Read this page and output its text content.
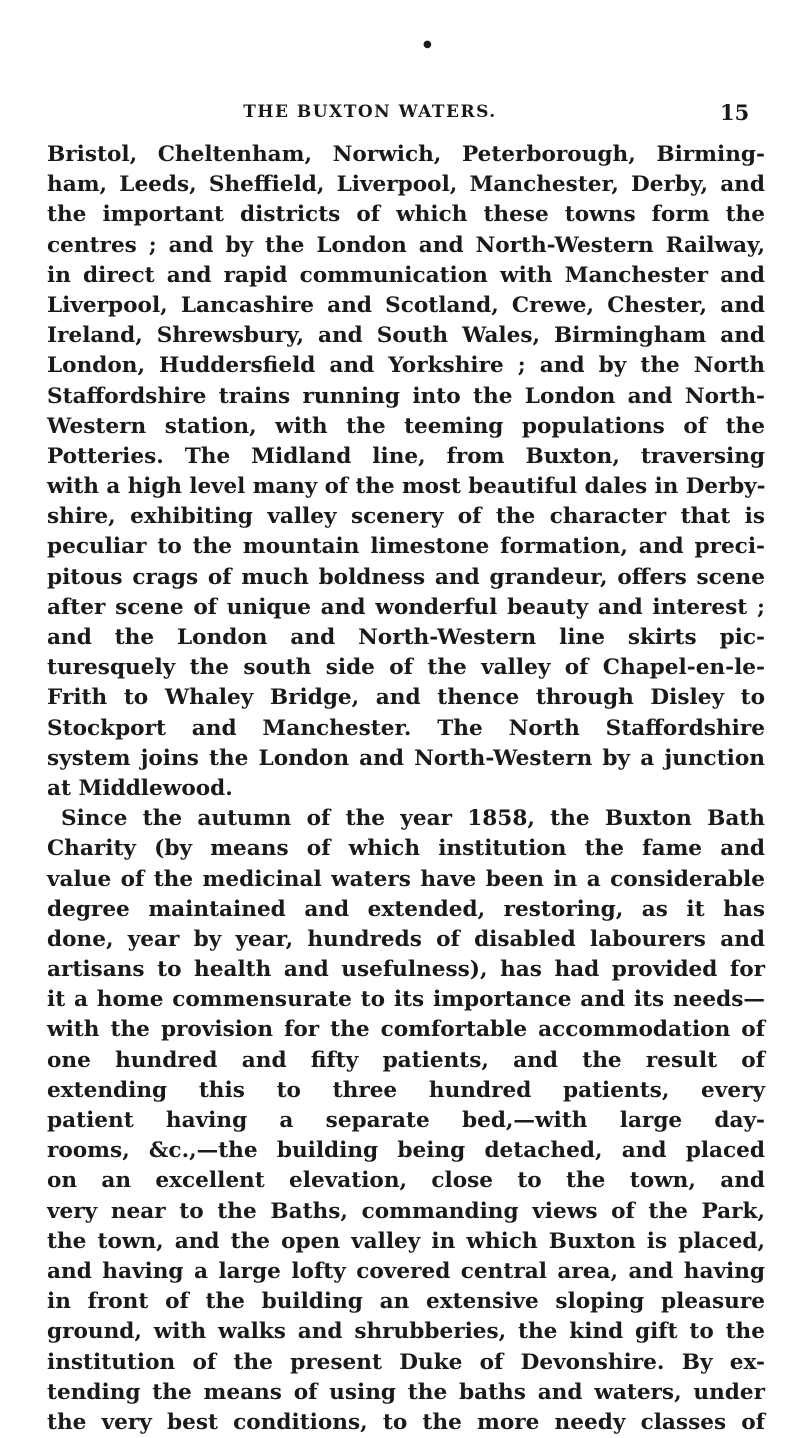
●
THE BUXTON WATERS.	15
Bristol, Cheltenham, Norwich, Peterborough, Birming-
ham, Leeds, Sheffield, Liverpool, Manchester, Derby, and
the important districts of which these towns form the
centres ; and by the London and North-Western Railway,
in direct and rapid communication with Manchester and
Liverpool, Lancashire and Scotland, Crewe, Chester, and
Ireland, Shrewsbury, and South Wales, Birmingham and
London, Huddersfield and Yorkshire ; and by the North
Staffordshire trains running into the London and North-
Western station, with the teeming populations of the
Potteries. The Midland line, from Buxton, traversing
with a high level many of the most beautiful dales in Derby-
shire, exhibiting valley scenery of the character that is
peculiar to the mountain limestone formation, and preci-
pitous crags of much boldness and grandeur, offers scene
after scene of unique and wonderful beauty and interest ;
and the London and North-Western line skirts pic-
turesquely the south side of the valley of Chapel-en-le-
Frith to Whaley Bridge, and thence through Disley to
Stockport and Manchester. The North Staffordshire
system joins the London and North-Western by a junction
at Middlewood.
Since the autumn of the year 1858, the Buxton Bath
Charity (by means of which institution the fame and
value of the medicinal waters have been in a considerable
degree maintained and extended, restoring, as it has
done, year by year, hundreds of disabled labourers and
artisans to health and usefulness), has had provided for
it a home commensurate to its importance and its needs—
with the provision for the comfortable accommodation of
one hundred and fifty patients, and the result of
extending this to three hundred patients, every
patient having a separate bed,—with large day-
rooms, &c.,—the building being detached, and placed
on an excellent elevation, close to the town, and
very near to the Baths, commanding views of the Park,
the town, and the open valley in which Buxton is placed,
and having a large lofty covered central area, and having
in front of the building an extensive sloping pleasure
ground, with walks and shrubberies, the kind gift to the
institution of the present Duke of Devonshire. By ex-
tending the means of using the baths and waters, under
the very best conditions, to the more needy classes of
